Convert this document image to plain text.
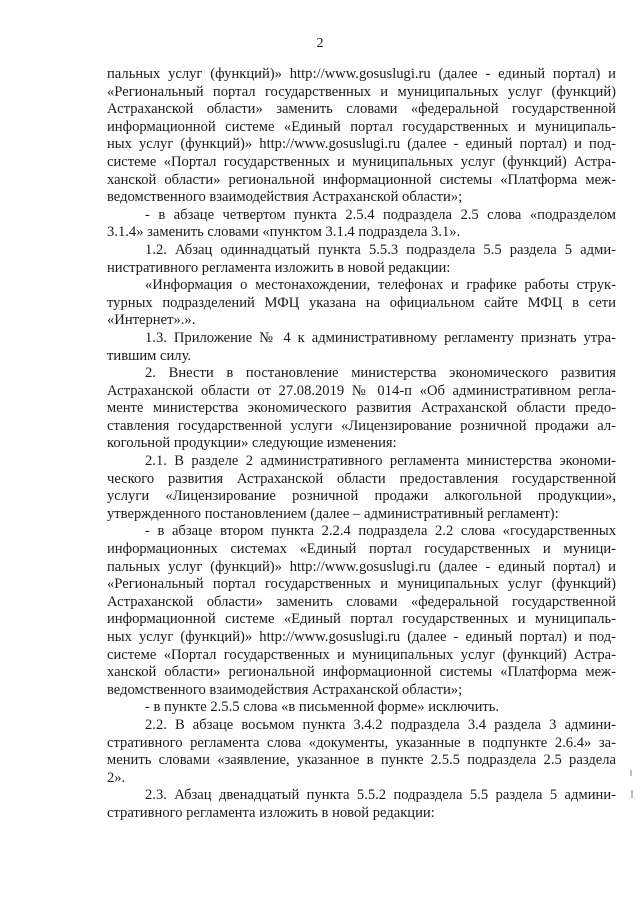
2
пальных услуг (функций)» http://www.gosuslugi.ru (далее - единый портал) и
«Региональный портал государственных и муниципальных услуг (функций)
Астраханской области» заменить словами «федеральной государственной
информационной системе «Единый портал государственных и муниципаль-
ных услуг (функций)» http://www.gosuslugi.ru (далее - единый портал) и под-
системе «Портал государственных и муниципальных услуг (функций) Астра-
ханской области» региональной информационной системы «Платформа меж-
ведомственного взаимодействия Астраханской области»;
- в абзаце четвертом пункта 2.5.4 подраздела 2.5 слова «подразделом
3.1.4» заменить словами «пунктом 3.1.4 подраздела 3.1».
1.2. Абзац одиннадцатый пункта 5.5.3 подраздела 5.5 раздела 5 адми-
нистративного регламента изложить в новой редакции:
«Информация о местонахождении, телефонах и графике работы струк-
турных подразделений МФЦ указана на официальном сайте МФЦ в сети
«Интернет».».
1.3. Приложение № 4 к административному регламенту признать утра-
тившим силу.
2. Внести в постановление министерства экономического развития
Астраханской области от 27.08.2019 № 014-п «Об административном регла-
менте министерства экономического развития Астраханской области предо-
ставления государственной услуги «Лицензирование розничной продажи ал-
когольной продукции» следующие изменения:
2.1. В разделе 2 административного регламента министерства экономи-
ческого развития Астраханской области предоставления государственной
услуги «Лицензирование розничной продажи алкогольной продукции»,
утвержденного постановлением (далее – административный регламент):
- в абзаце втором пункта 2.2.4 подраздела 2.2 слова «государственных
информационных системах «Единый портал государственных и муници-
пальных услуг (функций)» http://www.gosuslugi.ru (далее - единый портал) и
«Региональный портал государственных и муниципальных услуг (функций)
Астраханской области» заменить словами «федеральной государственной
информационной системе «Единый портал государственных и муниципаль-
ных услуг (функций)» http://www.gosuslugi.ru (далее - единый портал) и под-
системе «Портал государственных и муниципальных услуг (функций) Астра-
ханской области» региональной информационной системы «Платформа меж-
ведомственного взаимодействия Астраханской области»;
- в пункте 2.5.5 слова «в письменной форме» исключить.
2.2. В абзаце восьмом пункта 3.4.2 подраздела 3.4 раздела 3 админи-
стративного регламента слова «документы, указанные в подпункте 2.6.4» за-
менить словами «заявление, указанное в пункте 2.5.5 подраздела 2.5 раздела
2».
2.3. Абзац двенадцатый пункта 5.5.2 подраздела 5.5 раздела 5 админи-
стративного регламента изложить в новой редакции:
